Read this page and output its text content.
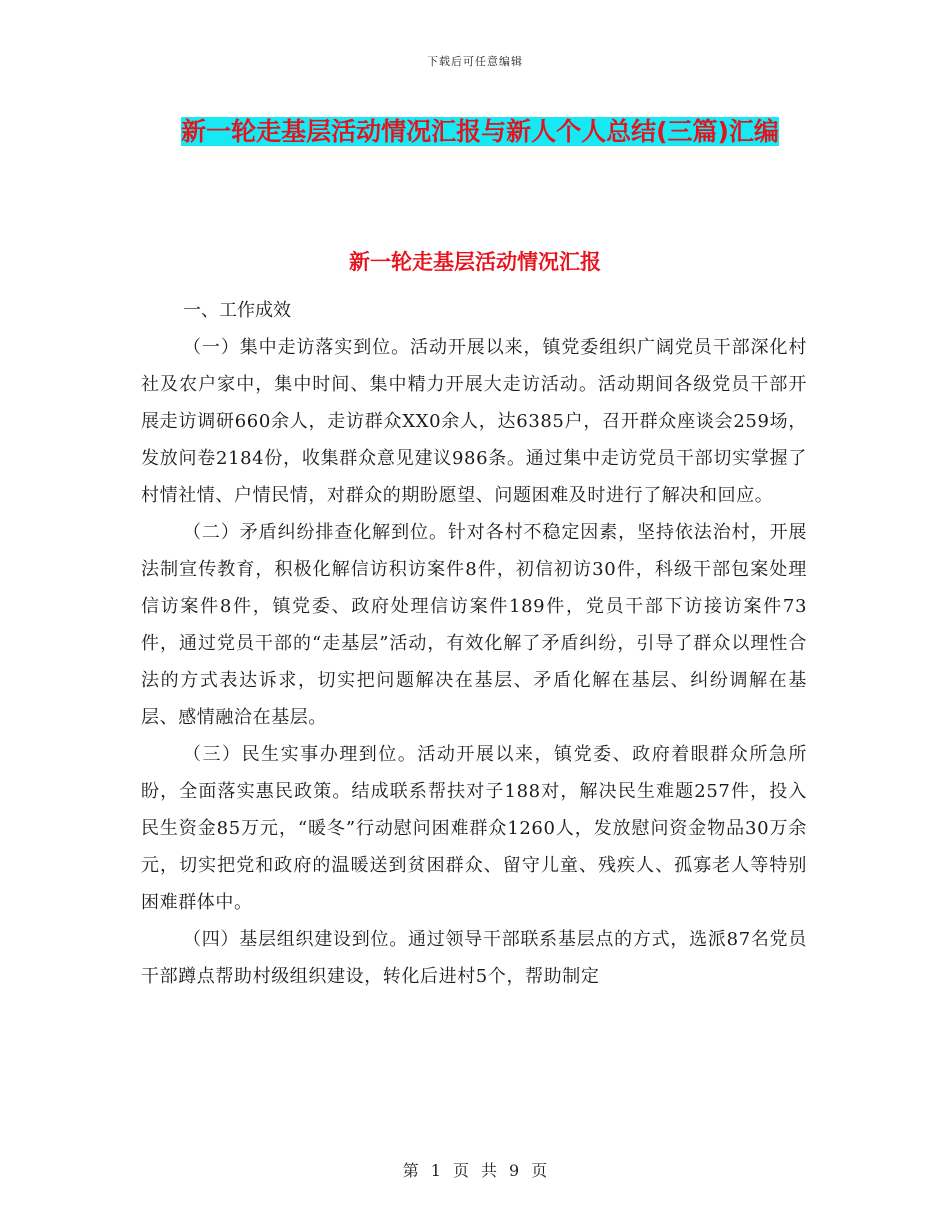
下载后可任意编辑
新一轮走基层活动情况汇报与新人个人总结(三篇)汇编
新一轮走基层活动情况汇报
一、工作成效

（一）集中走访落实到位。活动开展以来，镇党委组织广阔党员干部深化村社及农户家中，集中时间、集中精力开展大走访活动。活动期间各级党员干部开展走访调研660余人，走访群众XX0余人，达6385户，召开群众座谈会259场，发放问卷2184份，收集群众意见建议986条。通过集中走访党员干部切实掌握了村情社情、户情民情，对群众的期盼愿望、问题困难及时进行了解决和回应。

（二）矛盾纠纷排查化解到位。针对各村不稳定因素，坚持依法治村，开展法制宣传教育，积极化解信访积访案件8件，初信初访30件，科级干部包案处理信访案件8件，镇党委、政府处理信访案件189件，党员干部下访接访案件73件，通过党员干部的“走基层”活动，有效化解了矛盾纠纷，引导了群众以理性合法的方式表达诉求，切实把问题解决在基层、矛盾化解在基层、纠纷调解在基层、感情融洽在基层。

（三）民生实事办理到位。活动开展以来，镇党委、政府着眼群众所急所盼，全面落实惠民政策。结成联系帮扶对子188对，解决民生难题257件，投入民生资金85万元，“暖冬”行动慰问困难群众1260人，发放慰问资金物品30万余元，切实把党和政府的温暖送到贫困群众、留守儿童、残疾人、孤寡老人等特别困难群体中。

（四）基层组织建设到位。通过领导干部联系基层点的方式，选派87名党员干部蹲点帮助村级组织建设，转化后进村5个，帮助制定

第 1 页 共 9 页
